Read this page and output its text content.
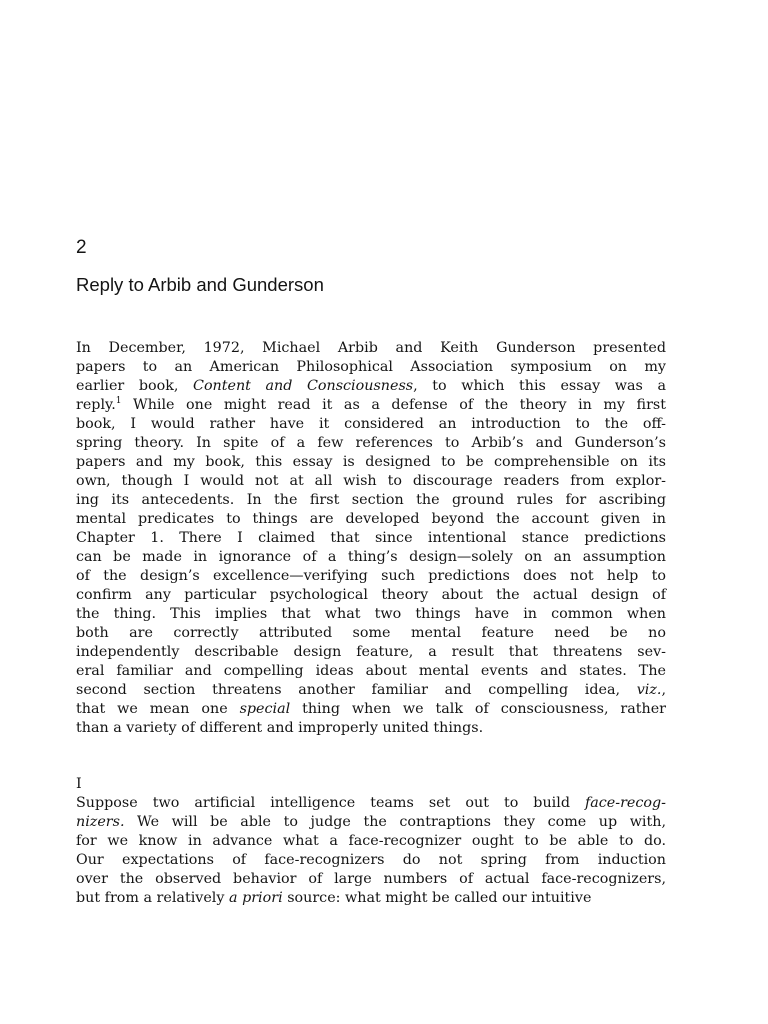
2
Reply to Arbib and Gunderson
In December, 1972, Michael Arbib and Keith Gunderson presented
papers to an American Philosophical Association symposium on my
earlier book, Content and Consciousness, to which this essay was a
reply.$^1$ While one might read it as a defense of the theory in my first
book, I would rather have it considered an introduction to the off-
spring theory. In spite of a few references to Arbib’s and Gunderson’s
papers and my book, this essay is designed to be comprehensible on its
own, though I would not at all wish to discourage readers from explor-
ing its antecedents. In the first section the ground rules for ascribing
mental predicates to things are developed beyond the account given in
Chapter 1. There I claimed that since intentional stance predictions
can be made in ignorance of a thing’s design—solely on an assumption
of the design’s excellence—verifying such predictions does not help to
confirm any particular psychological theory about the actual design of
the thing. This implies that what two things have in common when
both are correctly attributed some mental feature need be no
independently describable design feature, a result that threatens sev-
eral familiar and compelling ideas about mental events and states. The
second section threatens another familiar and compelling idea, viz.,
that we mean one special thing when we talk of consciousness, rather
than a variety of different and improperly united things.
I
Suppose two artificial intelligence teams set out to build face-recog-
nizers. We will be able to judge the contraptions they come up with,
for we know in advance what a face-recognizer ought to be able to do.
Our expectations of face-recognizers do not spring from induction
over the observed behavior of large numbers of actual face-recognizers,
but from a relatively a priori source: what might be called our intuitive
